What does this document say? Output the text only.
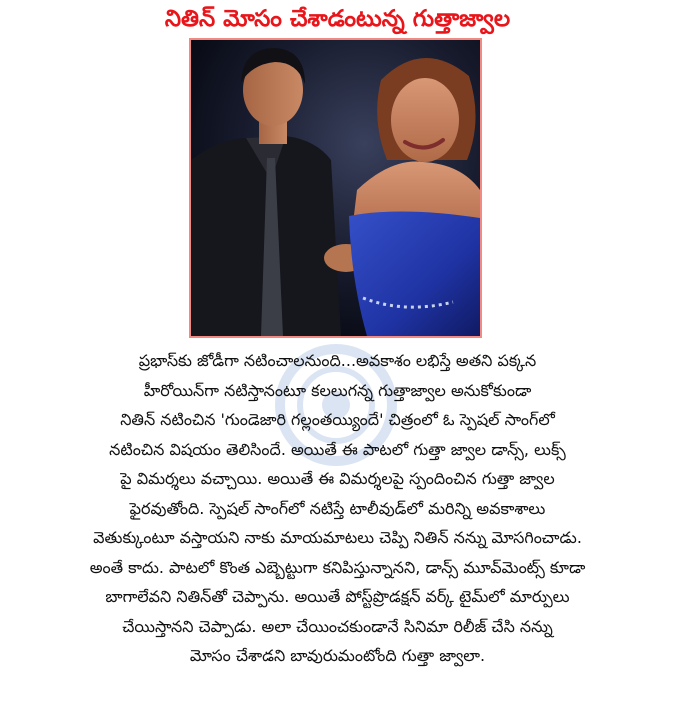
నితిన్ మోసం చేశాడంటున్న గుత్తాజ్వాల

ప్రభాస్‌కు జోడీగా నటించాలనుంది...అవకాశం లభిస్తే అతని పక్కన

హీరోయిన్‌గా నటిస్తానంటూ కలలుగన్న గుత్తాజ్వాల అనుకోకుండా

నితిన్ నటించిన 'గుండెజారి గల్లంతయ్యిందే' చిత్రంలో ఓ స్పెషల్ సాంగ్‌లో

నటించిన విషయం తెలిసిందే. అయితే ఈ పాటలో గుత్తా జ్వాల డాన్స్, లుక్స్

పై విమర్శలు వచ్చాయి. అయితే ఈ విమర్శలపై స్పందించిన గుత్తా జ్వాల

ఫైరవుతోంది. స్పెషల్ సాంగ్‌లో నటిస్తే టాలీవుడ్‌లో మరిన్ని అవకాశాలు

వెతుక్కుంటూ వస్తాయని నాకు మాయమాటలు చెప్పి నితిన్ నన్ను మోసగించాడు.

అంతే కాదు. పాటలో కొంత ఎబ్బెట్టుగా కనిపిస్తున్నానని, డాన్స్ మూవ్‌మెంట్స్ కూడా

బాగాలేవని నితిన్‌తో చెప్పాను. అయితే పోస్ట్‌ప్రొడక్షన్ వర్క్ టైమ్‌లో మార్పులు

చేయిస్తానని చెప్పాడు. అలా చేయించకుండానే సినిమా రిలీజ్ చేసి నన్ను

మోసం చేశాడని బావురుమంటోంది గుత్తా జ్వాలా.
